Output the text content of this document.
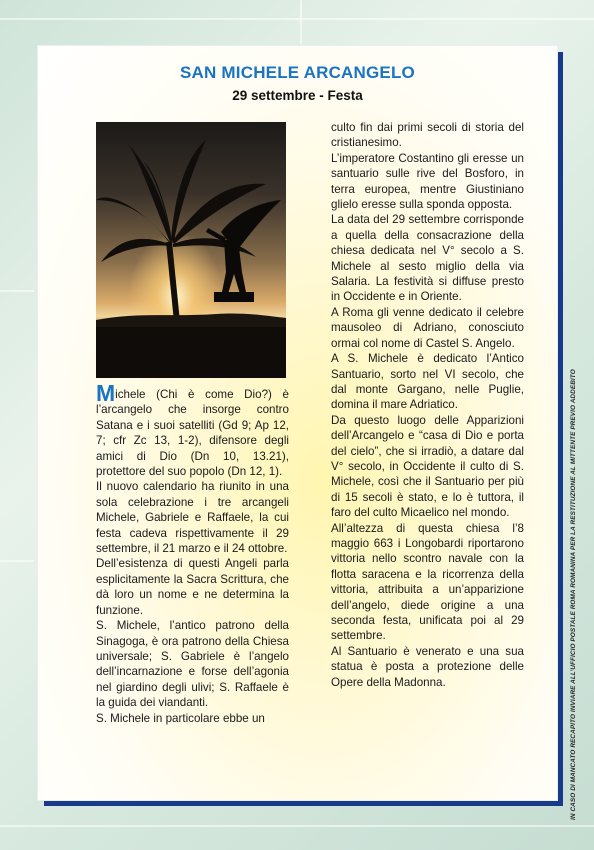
SAN MICHELE ARCANGELO
29 settembre - Festa

Michele (Chi è come Dio?) è l’arcangelo che insorge contro Satana e i suoi satelliti (Gd 9; Ap 12, 7; cfr Zc 13, 1-2), difensore degli amici di Dio (Dn 10, 13.21), protettore del suo popolo (Dn 12, 1).

Il nuovo calendario ha riunito in una sola celebrazione i tre arcangeli Michele, Gabriele e Raffaele, la cui festa cadeva rispettivamente il 29 settembre, il 21 marzo e il 24 ottobre.

Dell’esistenza di questi Angeli parla esplicitamente la Sacra Scrittura, che dà loro un nome e ne determina la funzione.

S. Michele, l’antico patrono della Sinagoga, è ora patrono della Chiesa universale; S. Gabriele è l’angelo dell’incarnazione e forse dell’agonia nel giardino degli ulivi; S. Raffaele è la guida dei viandanti.

S. Michele in particolare ebbe un

culto fin dai primi secoli di storia del cristianesimo.

L’imperatore Costantino gli eresse un santuario sulle rive del Bosforo, in terra europea, mentre Giustiniano glielo eresse sulla sponda opposta.

La data del 29 settembre corrisponde a quella della consacrazione della chiesa dedicata nel V° secolo a S. Michele al sesto miglio della via Salaria. La festività si diffuse presto in Occidente e in Oriente.

A Roma gli venne dedicato il celebre mausoleo di Adriano, conosciuto ormai col nome di Castel S. Angelo.

A S. Michele è dedicato l’Antico Santuario, sorto nel VI secolo, che dal monte Gargano, nelle Puglie, domina il mare Adriatico.

Da questo luogo delle Apparizioni dell’Arcangelo e “casa di Dio e porta del cielo”, che si irradiò, a datare dal V° secolo, in Occidente il culto di S. Michele, così che il Santuario per più di 15 secoli è stato, e lo è tuttora, il faro del culto Micaelico nel mondo.

All’altezza di questa chiesa l’8 maggio 663 i Longobardi riportarono vittoria nello scontro navale con la flotta saracena e la ricorrenza della vittoria, attribuita a un’apparizione dell’angelo, diede origine a una seconda festa, unificata poi al 29 settembre.

Al Santuario è venerato e una sua statua è posta a protezione delle Opere della Madonna.	IN CASO DI MANCATO RECAPITO INVIARE ALL’UFFICIO POSTALE ROMA ROMANINA PER LA RESTITUZIONE AL MITTENTE PREVIO ADDEBITO
